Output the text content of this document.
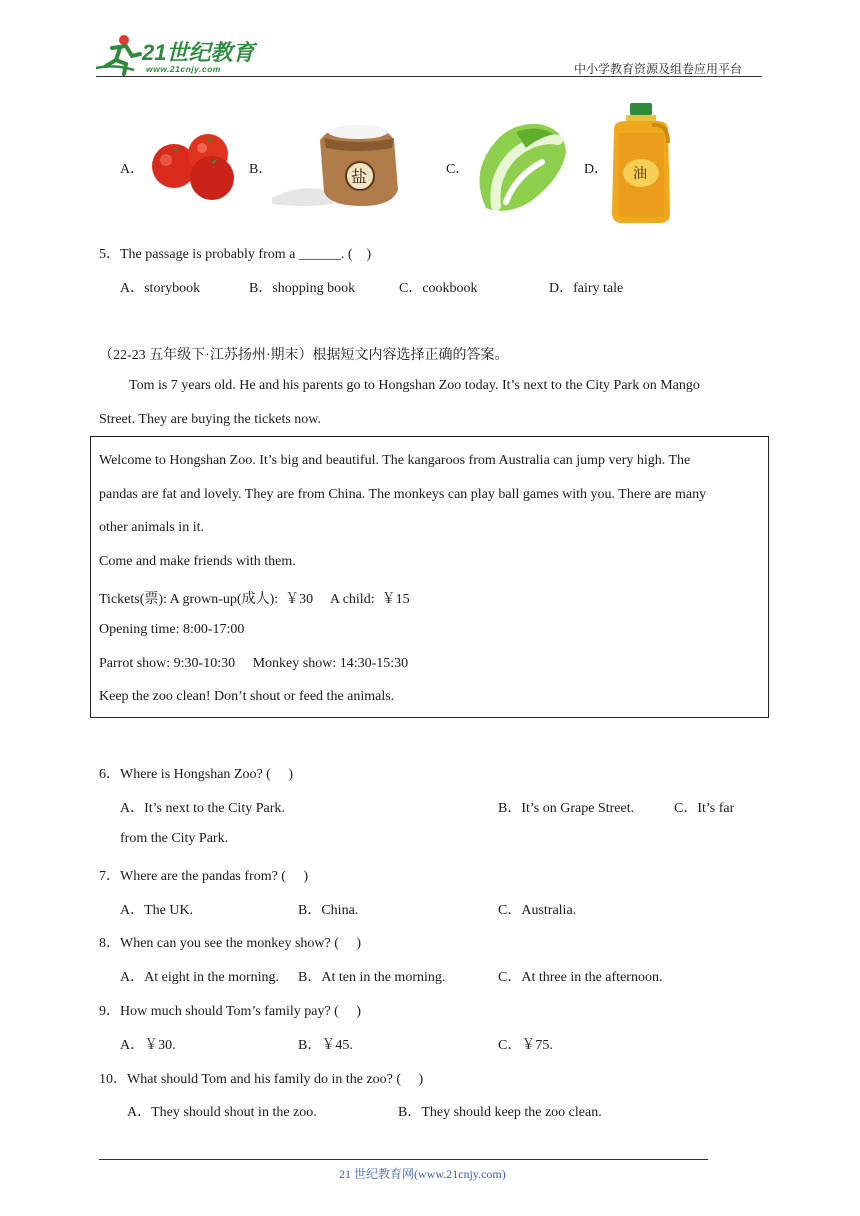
21世纪教育
www.21cnjy.com	中小学教育资源及组卷应用平台
A．	B．	盐	C．	D． 油
5．The passage is probably from a ______. (　)
A．storybook	B．shopping book	C．cookbook	D．fairy tale
（22-23 五年级下·江苏扬州·期末）根据短文内容选择正确的答案。
Tom is 7 years old. He and his parents go to Hongshan Zoo today. It’s next to the City Park on Mango
Street. They are buying the tickets now.
Welcome to Hongshan Zoo. It’s big and beautiful. The kangaroos from Australia can jump very high. The
pandas are fat and lovely. They are from China. The monkeys can play ball games with you. There are many
other animals in it.
Come and make friends with them.
Tickets(票): A grown-up(成人):  ￥30     A child:  ￥15
Opening time: 8:00-17:00
Parrot show: 9:30-10:30     Monkey show: 14:30-15:30
Keep the zoo clean! Don’t shout or feed the animals.
6．Where is Hongshan Zoo? (　 )
A．It’s next to the City Park.	B．It’s on Grape Street.	C．It’s far
from the City Park.
7．Where are the pandas from? (　 )
A．The UK.	B．China.	C．Australia.
8．When can you see the monkey show? (　 )
A．At eight in the morning. B．At ten in the morning.	C．At three in the afternoon.
9．How much should Tom’s family pay? (　 )
A．￥30.	B．￥45.	C．￥75.
10．What should Tom and his family do in the zoo? (　 )
A．They should shout in the zoo.	B．They should keep the zoo clean.
21 世纪教育网(www.21cnjy.com)
